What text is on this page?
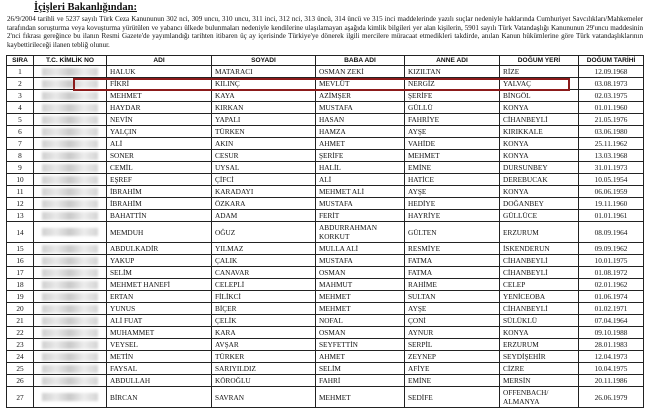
İçişleri Bakanlığından:
26/9/2004 tarihli ve 5237 sayılı Türk Ceza Kanununun 302 nci, 309 uncu, 310 uncu, 311 inci, 312 nci, 313 üncü, 314 üncü ve 315 inci maddelerinde yazılı suçlar nedeniyle haklarında Cumhuriyet Savcılıkları/Mahkemeler tarafından soruşturma veya kovuşturma yürütülen ve yabancı ülkede bulunmaları nedeniyle kendilerine ulaşılamayan aşağıda kimlik bilgileri yer alan kişilerin, 5901 sayılı Türk Vatandaşlığı Kanununun 29'uncu maddesinin 2'nci fıkrası gereğince bu ilanın Resmi Gazete'de yayımlandığı tarihten itibaren üç ay içerisinde Türkiye'ye dönerek ilgili mercilere müracaat etmedikleri takdirde, anılan Kanun hükümlerine göre Türk vatandaşlıklarının kaybettirileceği ilanen tebliğ olunur.
SIRA	T.C. KİMLİK NO	ADI	SOYADI	BABA ADI	ANNE ADI	DOĞUM YERİ	DOĞUM TARİHİ
1		HALUK	MATARACI	OSMAN ZEKİ	KIZILTAN	RİZE	12.09.1968
2		FİKRİ	KILINÇ	MEVLÜT	NERGİZ	YALVAÇ	03.08.1973
3		MEHMET	KAYA	AZİMŞER	ŞERİFE	BİNGÖL	02.03.1975
4		HAYDAR	KIRKAN	MUSTAFA	GÜLLÜ	KONYA	01.01.1960
5		NEVİN	YAPALI	HASAN	FAHRİYE	CİHANBEYLİ	21.05.1976
6		YALÇIN	TÜRKEN	HAMZA	AYŞE	KIRIKKALE	03.06.1980
7		ALİ	AKIN	AHMET	VAHİDE	KONYA	25.11.1962
8		SONER	CESUR	ŞERİFE	MEHMET	KONYA	13.03.1968
9		CEMİL	UYSAL	HALİL	EMİNE	DURSUNBEY	31.01.1973
10		EŞREF	ÇİFCİ	ALİ	HATİCE	DEREBUCAK	10.05.1954
11		İBRAHİM	KARADAYI	MEHMET ALİ	AYŞE	KONYA	06.06.1959
12		İBRAHİM	ÖZKARA	MUSTAFA	HEDİYE	DOĞANBEY	19.11.1960
13		BAHATTİN	ADAM	FERİT	HAYRİYE	GÜLLÜCE	01.01.1961
14		MEMDUH	OĞUZ	ABDURRAHMAN KORKUT	GÜLTEN	ERZURUM	08.09.1964
15		ABDULKADİR	YILMAZ	MULLA ALİ	RESMİYE	İSKENDERUN	09.09.1962
16		YAKUP	ÇALIK	MUSTAFA	FATMA	CİHANBEYLİ	10.01.1975
17		SELİM	CANAVAR	OSMAN	FATMA	CİHANBEYLİ	01.08.1972
18		MEHMET HANEFİ	CELEPLİ	MAHMUT	RAHİME	CELEP	02.01.1962
19		ERTAN	FİLİKCİ	MEHMET	SULTAN	YENİCEOBA	01.06.1974
20		YUNUS	BİÇER	MEHMET	AYŞE	CİHANBEYLİ	01.02.1971
21		ALİ FUAT	ÇELİK	NOFAL	ÇONİ	SÜLÜKLÜ	07.04.1964
22		MUHAMMET	KARA	OSMAN	AYNUR	KONYA	09.10.1988
23		VEYSEL	AVŞAR	SEYFETTİN	SERPİL	ERZURUM	28.01.1983
24		METİN	TÜRKER	AHMET	ZEYNEP	SEYDİŞEHİR	12.04.1973
25		FAYSAL	SARIYILDIZ	SELİM	AFİYE	CİZRE	10.04.1975
26		ABDULLAH	KÖROĞLU	FAHRİ	EMİNE	MERSİN	20.11.1986
27		BİRCAN	SAVRAN	MEHMET	SEDİFE	OFFENBACH/ ALMANYA	26.06.1979
